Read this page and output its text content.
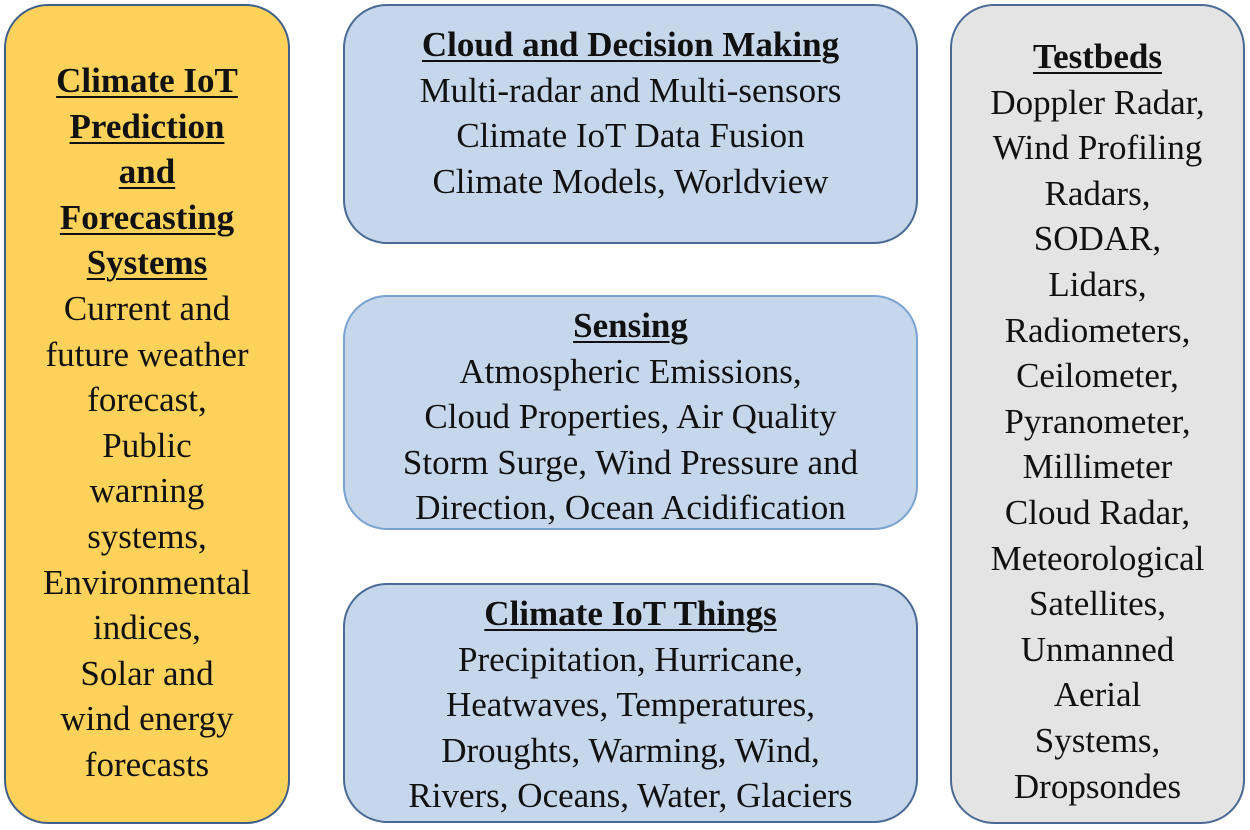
Climate IoT
Prediction
and
Forecasting
Systems
Current and
future weather
forecast,
Public
warning
systems,
Environmental
indices,
Solar and
wind energy
forecasts
Cloud and Decision Making
Multi-radar and Multi-sensors
Climate IoT Data Fusion
Climate Models, Worldview
Sensing
Atmospheric Emissions,
Cloud Properties, Air Quality
Storm Surge, Wind Pressure and
Direction, Ocean Acidification
Climate IoT Things
Precipitation, Hurricane,
Heatwaves, Temperatures,
Droughts, Warming, Wind,
Rivers, Oceans, Water, Glaciers
Testbeds
Doppler Radar,
Wind Profiling
Radars,
SODAR,
Lidars,
Radiometers,
Ceilometer,
Pyranometer,
Millimeter
Cloud Radar,
Meteorological
Satellites,
Unmanned
Aerial
Systems,
Dropsondes
